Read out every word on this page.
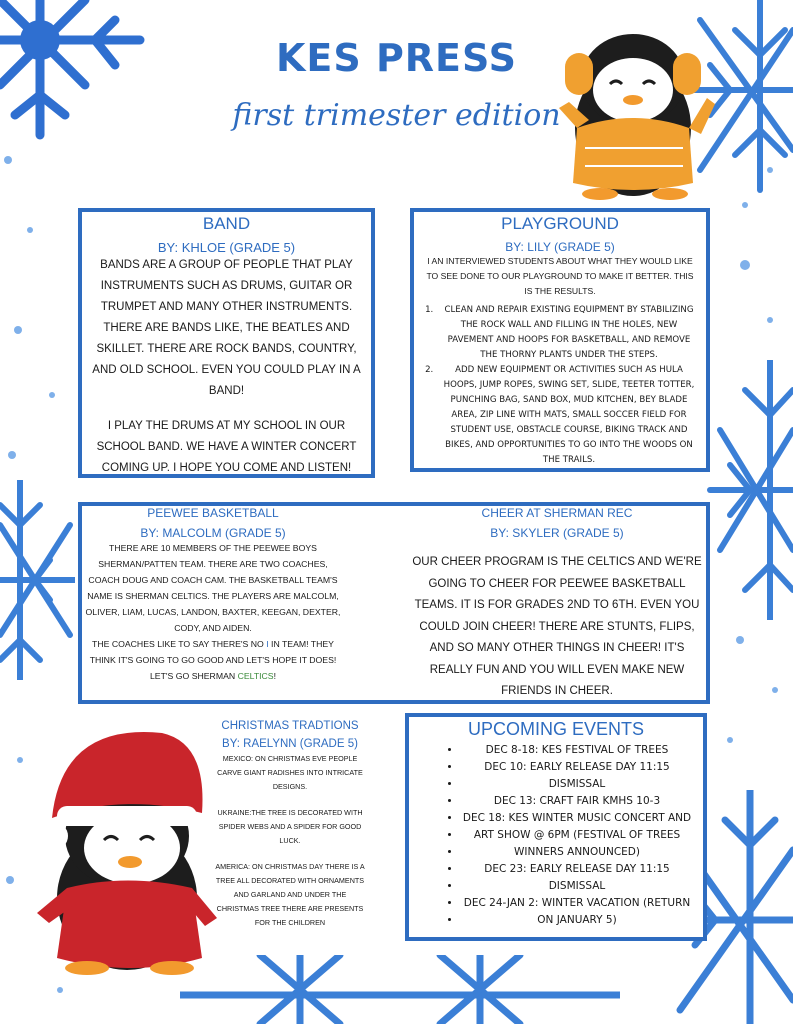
KES PRESS
first trimester edition
BAND
BY: KHLOE (GRADE 5)
BANDS ARE A GROUP OF PEOPLE THAT PLAY INSTRUMENTS SUCH AS DRUMS, GUITAR OR TRUMPET AND MANY OTHER INSTRUMENTS. THERE ARE BANDS LIKE, THE BEATLES AND SKILLET. THERE ARE ROCK BANDS, COUNTRY, AND OLD SCHOOL. EVEN YOU COULD PLAY IN A BAND!
I PLAY THE DRUMS AT MY SCHOOL IN OUR SCHOOL BAND. WE HAVE A WINTER CONCERT COMING UP. I HOPE YOU COME AND LISTEN!
PLAYGROUND
BY: LILY (GRADE 5)
I AN INTERVIEWED STUDENTS ABOUT WHAT THEY WOULD LIKE TO SEE DONE TO OUR PLAYGROUND TO MAKE IT BETTER. THIS IS THE RESULTS.
1. CLEAN AND REPAIR EXISTING EQUIPMENT BY STABILIZING THE ROCK WALL AND FILLING IN THE HOLES, NEW PAVEMENT AND HOOPS FOR BASKETBALL, AND REMOVE THE THORNY PLANTS UNDER THE STEPS.
2. ADD NEW EQUIPMENT OR ACTIVITIES SUCH AS HULA HOOPS, JUMP ROPES, SWING SET, SLIDE, TEETER TOTTER, PUNCHING BAG, SAND BOX, MUD KITCHEN, BEY BLADE AREA, ZIP LINE WITH MATS, SMALL SOCCER FIELD FOR STUDENT USE, OBSTACLE COURSE, BIKING TRACK AND BIKES, AND OPPORTUNITIES TO GO INTO THE WOODS ON THE TRAILS.
PEEWEE BASKETBALL
BY: MALCOLM (GRADE 5)
THERE ARE 10 MEMBERS OF THE PEEWEE BOYS SHERMAN/PATTEN TEAM. THERE ARE TWO COACHES, COACH DOUG AND COACH CAM. THE BASKETBALL TEAM'S NAME IS SHERMAN CELTICS. THE PLAYERS ARE MALCOLM, OLIVER, LIAM, LUCAS, LANDON, BAXTER, KEEGAN, DEXTER, CODY, AND AIDEN.
THE COACHES LIKE TO SAY THERE'S NO I IN TEAM! THEY THINK IT'S GOING TO GO GOOD AND LET'S HOPE IT DOES!
LET'S GO SHERMAN CELTICS!
CHEER AT SHERMAN REC
BY: SKYLER (GRADE 5)
OUR CHEER PROGRAM IS THE CELTICS AND WE'RE GOING TO CHEER FOR PEEWEE BASKETBALL TEAMS. IT IS FOR GRADES 2ND TO 6TH. EVEN YOU COULD JOIN CHEER! THERE ARE STUNTS, FLIPS, AND SO MANY OTHER THINGS IN CHEER! IT'S REALLY FUN AND YOU WILL EVEN MAKE NEW FRIENDS IN CHEER.
CHRISTMAS TRADTIONS
BY: RAELYNN (GRADE 5)
MEXICO: ON CHRISTMAS EVE PEOPLE CARVE GIANT RADISHES INTO INTRICATE DESIGNS.
UKRAINE:THE TREE IS DECORATED WITH SPIDER WEBS AND A SPIDER FOR GOOD LUCK.
AMERICA: ON CHRISTMAS DAY THERE IS A TREE ALL DECORATED WITH ORNAMENTS AND GARLAND AND UNDER THE CHRISTMAS TREE THERE ARE PRESENTS FOR THE CHILDREN
UPCOMING EVENTS
• DEC 8-18: KES FESTIVAL OF TREES
• DEC 10: EARLY RELEASE DAY 11:15
• DISMISSAL
• DEC 13: CRAFT FAIR KMHS 10-3
• DEC 18: KES WINTER MUSIC CONCERT AND
• ART SHOW @ 6PM (FESTIVAL OF TREES
• WINNERS ANNOUNCED)
• DEC 23: EARLY RELEASE DAY 11:15
• DISMISSAL
• DEC 24-JAN 2: WINTER VACATION (RETURN
• ON JANUARY 5)
